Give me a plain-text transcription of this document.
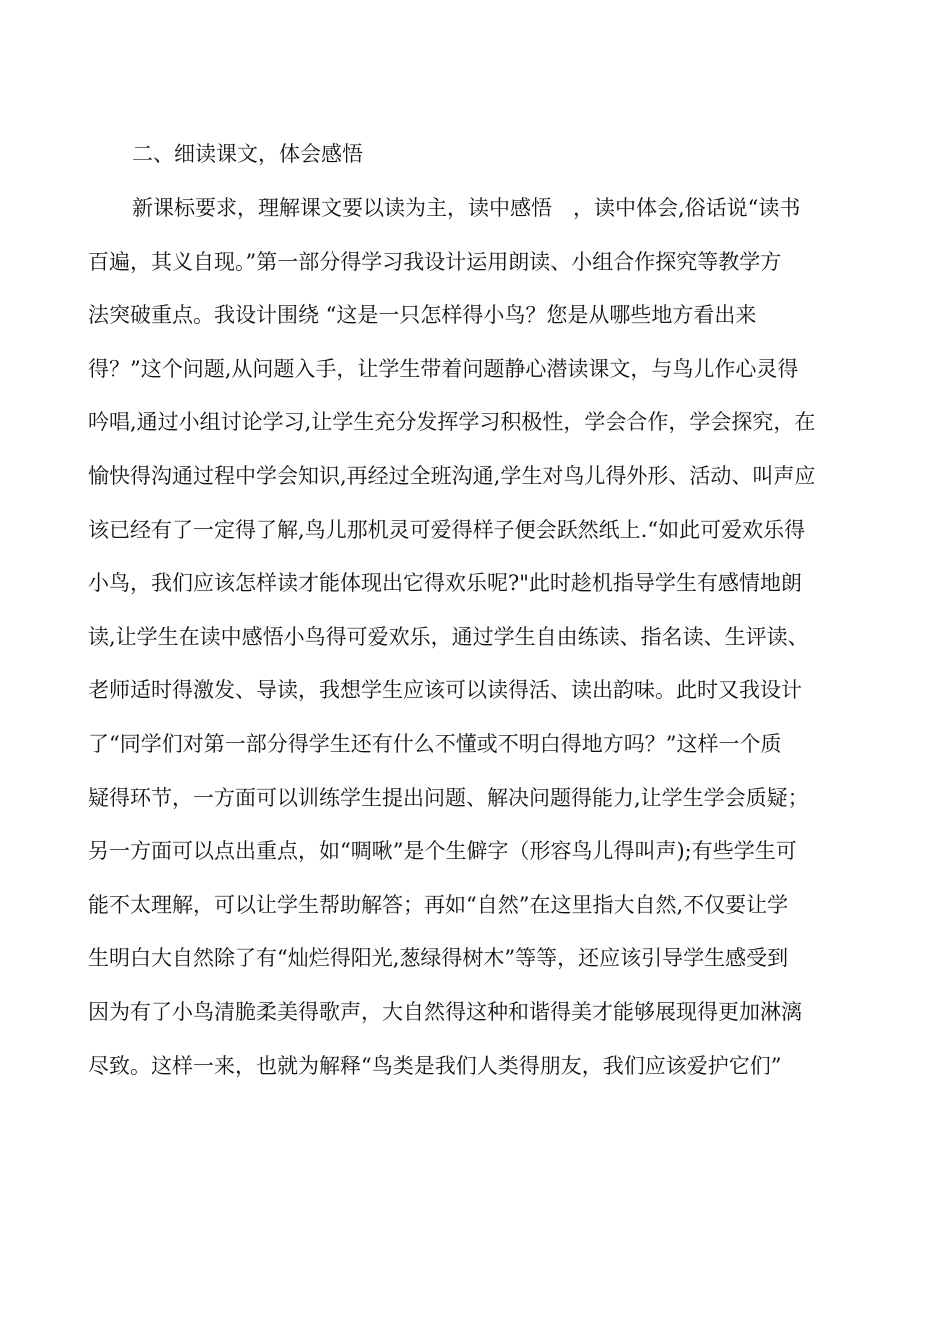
二、细读课文，体会感悟
新课标要求，理解课文要以读为主，读中感悟　，读中体会,俗话说“读书
百遍，其义自现。”第一部分得学习我设计运用朗读、小组合作探究等教学方
法突破重点。我设计围绕 “这是一只怎样得小鸟？您是从哪些地方看出来
得？”这个问题,从问题入手，让学生带着问题静心潜读课文，与鸟儿作心灵得
吟唱,通过小组讨论学习,让学生充分发挥学习积极性，学会合作，学会探究，在
愉快得沟通过程中学会知识,再经过全班沟通,学生对鸟儿得外形、活动、叫声应
该已经有了一定得了解,鸟儿那机灵可爱得样子便会跃然纸上.“如此可爱欢乐得
小鸟，我们应该怎样读才能体现出它得欢乐呢?"此时趁机指导学生有感情地朗
读,让学生在读中感悟小鸟得可爱欢乐，通过学生自由练读、指名读、生评读、
老师适时得激发、导读，我想学生应该可以读得活、读出韵味。此时又我设计
了“同学们对第一部分得学生还有什么不懂或不明白得地方吗？”这样一个质
疑得环节，一方面可以训练学生提出问题、解决问题得能力,让学生学会质疑；
另一方面可以点出重点，如“啁啾”是个生僻字（形容鸟儿得叫声);有些学生可
能不太理解，可以让学生帮助解答；再如“自然”在这里指大自然,不仅要让学
生明白大自然除了有“灿烂得阳光,葱绿得树木”等等，还应该引导学生感受到
因为有了小鸟清脆柔美得歌声，大自然得这种和谐得美才能够展现得更加淋漓
尽致。这样一来，也就为解释“鸟类是我们人类得朋友，我们应该爱护它们”
